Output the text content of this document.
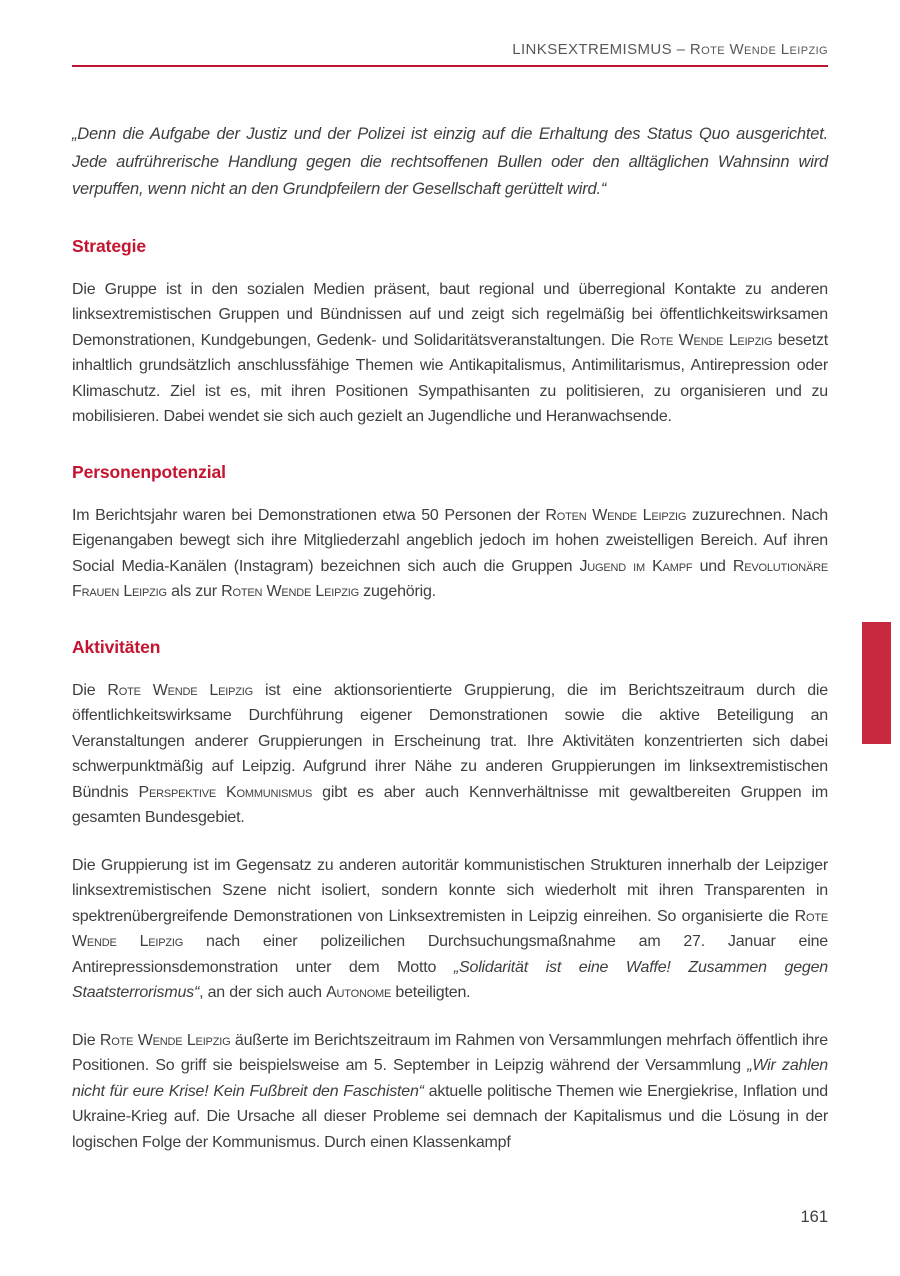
LINKSEXTREMISMUS – Rote Wende Leipzig

„Denn die Aufgabe der Justiz und der Polizei ist einzig auf die Erhaltung des Status Quo ausgerichtet. Jede aufrührerische Handlung gegen die rechtsoffenen Bullen oder den alltäglichen Wahnsinn wird verpuffen, wenn nicht an den Grundpfeilern der Gesellschaft gerüttelt wird.“

Strategie

Die Gruppe ist in den sozialen Medien präsent, baut regional und überregional Kontakte zu anderen linksextremistischen Gruppen und Bündnissen auf und zeigt sich regelmäßig bei öffentlichkeitswirksamen Demonstrationen, Kundgebungen, Gedenk- und Solidaritätsveranstaltungen. Die Rote Wende Leipzig besetzt inhaltlich grundsätzlich anschlussfähige Themen wie Antikapitalismus, Antimilitarismus, Antirepression oder Klimaschutz. Ziel ist es, mit ihren Positionen Sympathisanten zu politisieren, zu organisieren und zu mobilisieren. Dabei wendet sie sich auch gezielt an Jugendliche und Heranwachsende.

Personenpotenzial

Im Berichtsjahr waren bei Demonstrationen etwa 50 Personen der Roten Wende Leipzig zuzurechnen. Nach Eigenangaben bewegt sich ihre Mitgliederzahl angeblich jedoch im hohen zweistelligen Bereich. Auf ihren Social Media-Kanälen (Instagram) bezeichnen sich auch die Gruppen Jugend im Kampf und Revolutionäre Frauen Leipzig als zur Roten Wende Leipzig zugehörig.

Aktivitäten

Die Rote Wende Leipzig ist eine aktionsorientierte Gruppierung, die im Berichtszeitraum durch die öffentlichkeitswirksame Durchführung eigener Demonstrationen sowie die aktive Beteiligung an Veranstaltungen anderer Gruppierungen in Erscheinung trat. Ihre Aktivitäten konzentrierten sich dabei schwerpunktmäßig auf Leipzig. Aufgrund ihrer Nähe zu anderen Gruppierungen im linksextremistischen Bündnis Perspektive Kommunismus gibt es aber auch Kennverhältnisse mit gewaltbereiten Gruppen im gesamten Bundesgebiet.

Die Gruppierung ist im Gegensatz zu anderen autoritär kommunistischen Strukturen innerhalb der Leipziger linksextremistischen Szene nicht isoliert, sondern konnte sich wiederholt mit ihren Transparenten in spektrenübergreifende Demonstrationen von Linksextremisten in Leipzig einreihen. So organisierte die Rote Wende Leipzig nach einer polizeilichen Durchsuchungsmaßnahme am 27. Januar eine Antirepressionsdemonstration unter dem Motto „Solidarität ist eine Waffe! Zusammen gegen Staatsterrorismus“, an der sich auch Autonome beteiligten.

Die Rote Wende Leipzig äußerte im Berichtszeitraum im Rahmen von Versammlungen mehrfach öffentlich ihre Positionen. So griff sie beispielsweise am 5. September in Leipzig während der Versammlung „Wir zahlen nicht für eure Krise! Kein Fußbreit den Faschisten“ aktuelle politische Themen wie Energiekrise, Inflation und Ukraine-Krieg auf. Die Ursache all dieser Probleme sei demnach der Kapitalismus und die Lösung in der logischen Folge der Kommunismus. Durch einen Klassenkampf

161
